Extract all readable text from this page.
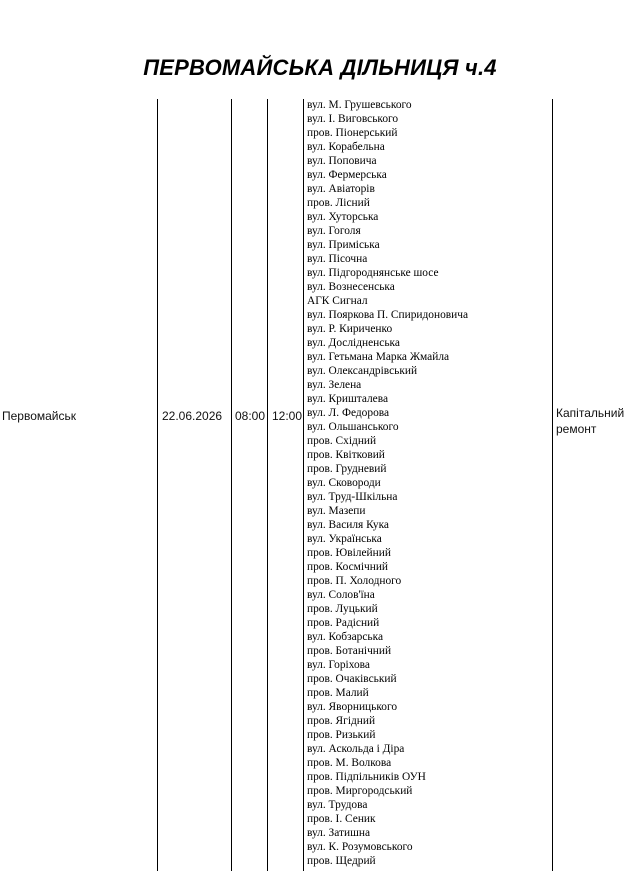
ПЕРВОМАЙСЬКА ДІЛЬНИЦЯ ч.4
Первомайськ	22.06.2026 08:00 12:00	Капітальний
ремонт
вул. М. Грушевського
вул. І. Виговського
пров. Піонерський
вул. Корабельна
вул. Поповича
вул. Фермерська
вул. Авіаторів
пров. Лісний
вул. Хуторська
вул. Гоголя
вул. Приміська
вул. Пісочна
вул. Підгороднянське шосе
вул. Вознесенська
АГК Сигнал
вул. Пояркова П. Спиридоновича
вул. Р. Кириченко
вул. Дослідненська
вул. Гетьмана Марка Жмайла
вул. Олександрівський
вул. Зелена
вул. Кришталева
вул. Л. Федорова
вул. Ольшанського
пров. Східний
пров. Квітковий
пров. Грудневий
вул. Сковороди
вул. Труд-Шкільна
вул. Мазепи
вул. Василя Кука
вул. Українська
пров. Ювілейний
пров. Космічний
пров. П. Холодного
вул. Солов'їна
пров. Луцький
пров. Радісний
вул. Кобзарська
пров. Ботанічний
вул. Горіхова
пров. Очаківський
пров. Малий
вул. Яворницького
пров. Ягідний
пров. Ризький
вул. Аскольда і Діра
пров. М. Волкова
пров. Підпільників ОУН
пров. Миргородський
вул. Трудова
пров. І. Сеник
вул. Затишна
вул. К. Розумовського
пров. Щедрий
